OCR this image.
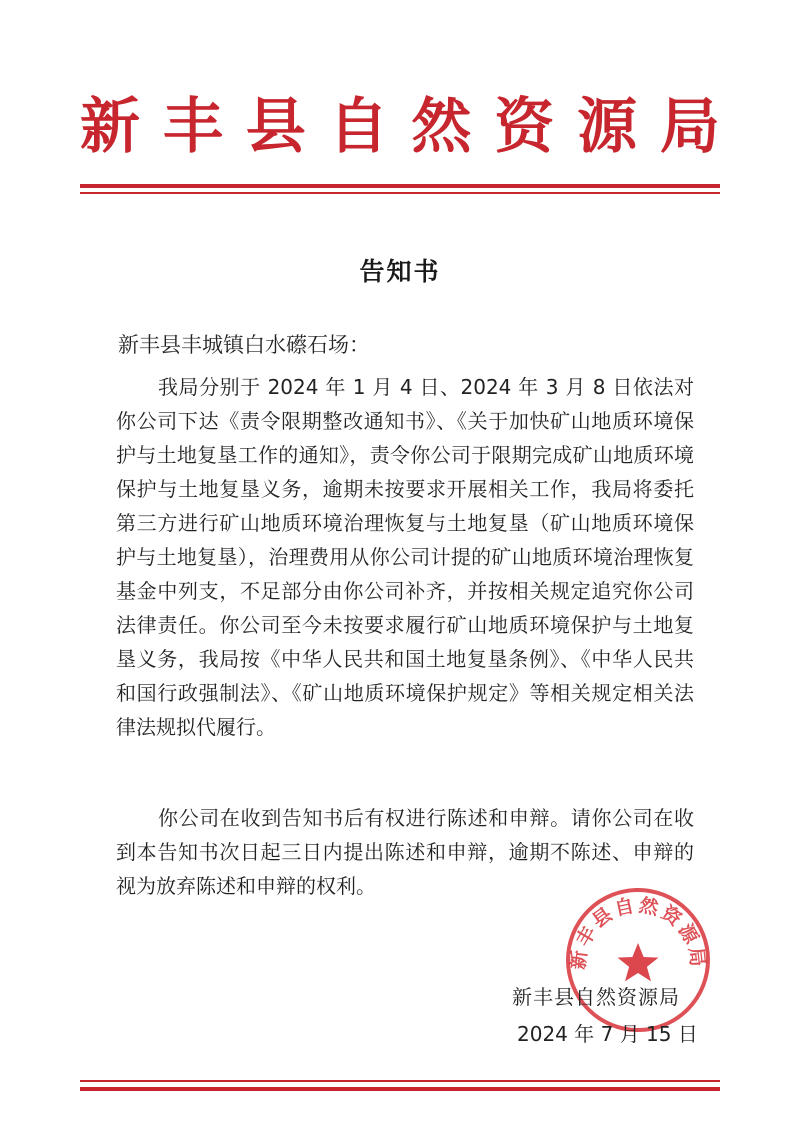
新 丰 县 自 然 资 源 局
告知书
新丰县丰城镇白水礤石场：

我局分别于 2024 年 1 月 4 日、2024 年 3 月 8 日依法对你公司下达《责令限期整改通知书》、《关于加快矿山地质环境保护与土地复垦工作的通知》，责令你公司于限期完成矿山地质环境保护与土地复垦义务，逾期未按要求开展相关工作，我局将委托第三方进行矿山地质环境治理恢复与土地复垦（矿山地质环境保护与土地复垦），治理费用从你公司计提的矿山地质环境治理恢复基金中列支，不足部分由你公司补齐，并按相关规定追究你公司法律责任。你公司至今未按要求履行矿山地质环境保护与土地复垦义务，我局按《中华人民共和国土地复垦条例》、《中华人民共和国行政强制法》、《矿山地质环境保护规定》等相关规定相关法律法规拟代履行。

你公司在收到告知书后有权进行陈述和申辩。请你公司在收到本告知书次日起三日内提出陈述和申辩，逾期不陈述、申辩的视为放弃陈述和申辩的权利。

新丰县自然资源局
新丰县自然资源局
2024 年 7 月 15 日
